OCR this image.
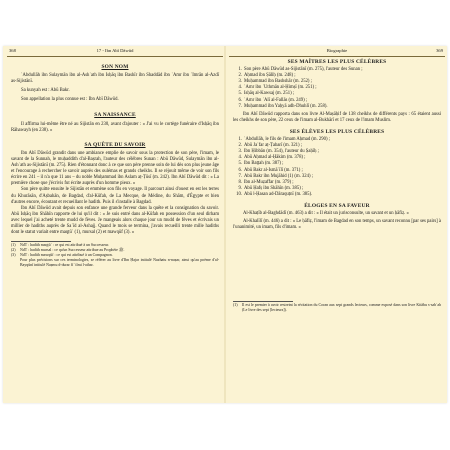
368	17 - Ibn Abī Dāwūd
SON NOM

ʿAbdullāh ibn Sulaymān ibn al-Ashʿath ibn Isḥāq ibn Bashīr ibn Shaddād ibn ʿAmr ibn ʿImrān al-Azdī as-Sijistānī.

Sa kunyah est : Abū Bakr.

Son appellation la plus connue est : Ibn Abī Dāwūd.

SA NAISSANCE

Il affirma lui-même être né au Sijistān en 230, avant d'ajouter : « J'ai vu le cortège funéraire d'Isḥāq ibn Rāhawayh (en 238). »

SA QUÊTE DU SAVOIR

Ibn Abī Dāwūd grandit dans une ambiance emplie de savoir sous la protection de son père, l'imam, le savant de la Sunnah, le muḥaddith d'al-Baṣrah, l'auteur des célèbres Sunan : Abū Dāwūd, Sulaymān ibn al-Ashʿath as-Sijistānī (m. 275). Rien d'étonnant donc à ce que son père prenne soin de lui dès son plus jeune âge et l'encourage à rechercher le savoir auprès des oulémas et grands cheikhs. Il se réjouit même de voir son fils écrire en 241 – il n'a que 11 ans – du noble Muḥammad ibn Aslam aṭ-Ṭūsī (m. 242). Ibn Abī Dāwūd dit : « La première chose que j'écrivis fut écrite auprès d'un homme pieux. »

Son père quitte ensuite le Sijistān et emmène son fils en voyage. Il parcourt ainsi d'ouest en est les terres du Khurāsān, d'Aṣbahān, de Bagdad, d'al-Kūfah, de La Mecque, de Médine, du Shām, d'Égypte et bien d'autres encore, écoutant et recueillant le hadith. Puis il s'installe à Bagdad.

Ibn Abī Dāwūd avait depuis son enfance une grande ferveur dans la quête et la consignation du savoir. Abū Isḥāq ibn Shāhīn rapporte de lui qu'il dit : « Je suis entré dans al-Kūfah en possession d'un seul dirham avec lequel j'ai acheté trente mudd de fèves. Je mangeais alors chaque jour un mudd de fèves et écrivais un millier de hadiths auprès de Saʿīd al-Ashajj. Quand le mois se termina, j'avais recueilli trente mille hadiths dont le statut variait entre maqṭūʿ (1), mursal (2) et mawqūf (3). »

(1)	NdT : hadith maqṭūʿ : ce qui est attribué à un Successeur.
(2)	NdT : hadith mursal : ce qu'un Successeur attribue au Prophète ﷺ.
(3)	NdT : hadith mawqūf : ce qui est attribué à un Compagnon.

Pour plus précisions sur ces terminologies, se référer au livre d'Ibn Ḥajar intitulé Nuzhatu n-naẓar, ainsi qu'au poème d'al-Bayqūnī intitulé Naẓmu d-durar fī ʿilmi l-athar.

Biographie	369
SES MAÎTRES LES PLUS CÉLÈBRES
1. Son père Abū Dāwūd as-Sijistānī (m. 275), l'auteur des Sunan ;
2. Aḥmad ibn Ṣāliḥ (m. 248) ;
3. Muḥammad ibn Bashshār (m. 252) ;
4. ʿAmr ibn ʿUthmān al-Ḥimṣī (m. 251) ;
5. Isḥāq al-Kawsaj (m. 251) ;
6. ʿAmr ibn ʿAlī al-Fallās (m. 249) ;
7. Muḥammad ibn Yaḥyā adh-Dhuhlī (m. 258).

Ibn Abī Dāwūd rapporta dans son livre Al-Maṣāḥif de 138 cheikhs de différents pays : 65 étaient aussi les cheikhs de son père, 22 ceux de l'imam al-Bukhārī et 17 ceux de l'imam Muslim.

SES ÉLÈVES LES PLUS CÉLÈBRES
1. ʿAbdullāh, le fils de l'imam Aḥmad (m. 290) ;
2. Abū Jaʿfar aṭ-Ṭabarī (m. 321) ;
3. Ibn Ḥibbān (m. 354), l'auteur du Ṣaḥīḥ ;
4. Abū Aḥmad al-Ḥākim (m. 378) ;
5. Ibn Baṭṭah (m. 387) ;
6. Abū Bakr al-Ismāʿīlī (m. 371) ;
7. Abū Bakr ibn Mujāhid (1) (m. 324) ;
8. Ibn al-Muẓaffar (m. 379) ;
9. Abū Ḥafṣ ibn Shāhīn (m. 385) ;
10. Abū l-Ḥasan ad-Dāraquṭnī (m. 385).
ÉLOGES EN SA FAVEUR

Al-Khaṭīb al-Baghdādī (m. 463) a dit : « Il était un jurisconsulte, un savant et un ḥāfiẓ. »

Al-Khalīlī (m. 446) a dit : « Le ḥāfiẓ, l'imam de Bagdad en son temps, un savant reconnu [par ses pairs] à l'unanimité, un imam, fils d'imam. »

(1)	Il est le premier à avoir restreint la récitation du Coran aux sept grands lecteurs, comme exposé dans son livre Kitābu s-sabʿah (Le livre des sept [lecteurs]).
